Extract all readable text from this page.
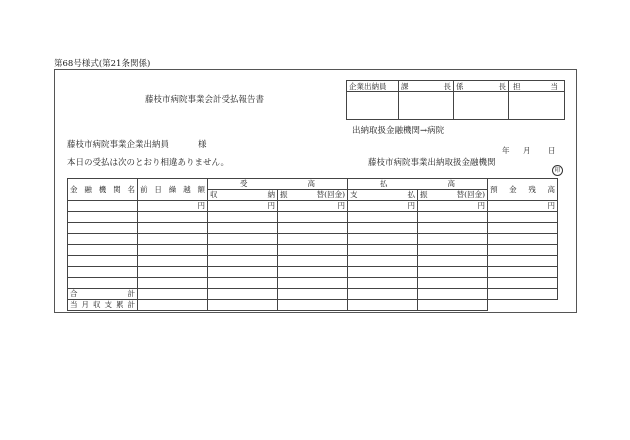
第68号様式(第21条関係)
藤枝市病院事業会計受払報告書
企業出納員	課	長 係	長 担	当
出納取扱金融機関→病院
藤枝市病院事業企業出納員	様
年 月 日
本日の受払は次のとおり相違ありません。	藤枝市病院事業出納取扱金融機関
印
金 融 機 関 名	前 日 繰 越 額	受 高		払 高		預 金 残 高

		収 納	振 替(回金)	支 払	振 替(回金)	

	円	円	円	円	円	円

合 計						

当 月 収 支 累 計						
